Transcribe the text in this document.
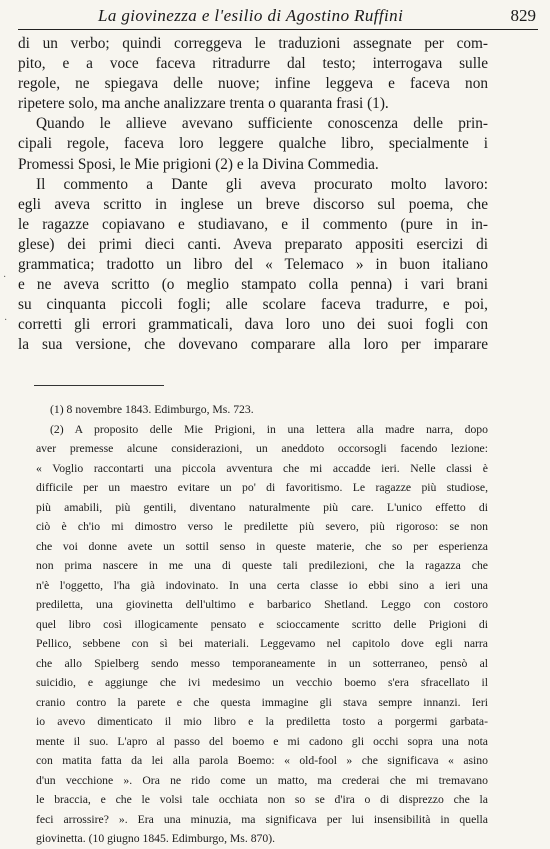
La giovinezza e l'esilio di Agostino Ruffini	829
di un verbo; quindi correggeva le traduzioni assegnate per com-
pito, e a voce faceva ritradurre dal testo; interrogava sulle
regole, ne spiegava delle nuove; infine leggeva e faceva non
ripetere solo, ma anche analizzare trenta o quaranta frasi (1).
Quando le allieve avevano sufficiente conoscenza delle prin-
cipali regole, faceva loro leggere qualche libro, specialmente i
Promessi Sposi, le Mie prigioni (2) e la Divina Commedia.
Il commento a Dante gli aveva procurato molto lavoro:
egli aveva scritto in inglese un breve discorso sul poema, che
le ragazze copiavano e studiavano, e il commento (pure in in-
glese) dei primi dieci canti. Aveva preparato appositi esercizi di
grammatica; tradotto un libro del « Telemaco » in buon italiano
e ne aveva scritto (o meglio stampato colla penna) i vari brani
su cinquanta piccoli fogli; alle scolare faceva tradurre, e poi,
corretti gli errori grammaticali, dava loro uno dei suoi fogli con
la sua versione, che dovevano comparare alla loro per imparare
(1) 8 novembre 1843. Edimburgo, Ms. 723.
(2) A proposito delle Mie Prigioni, in una lettera alla madre narra, dopo
aver premesse alcune considerazioni, un aneddoto occorsogli facendo lezione:
« Voglio raccontarti una piccola avventura che mi accadde ieri. Nelle classi è
difficile per un maestro evitare un po' di favoritismo. Le ragazze più studiose,
più amabili, più gentili, diventano naturalmente più care. L'unico effetto di
ciò è ch'io mi dimostro verso le predilette più severo, più rigoroso: se non
che voi donne avete un sottil senso in queste materie, che so per esperienza
non prima nascere in me una di queste tali predilezioni, che la ragazza che
n'è l'oggetto, l'ha già indovinato. In una certa classe io ebbi sino a ieri una
prediletta, una giovinetta dell'ultimo e barbarico Shetland. Leggo con costoro
quel libro così illogicamente pensato e scioccamente scritto delle Prigioni di
Pellico, sebbene con sì bei materiali. Leggevamo nel capitolo dove egli narra
che allo Spielberg sendo messo temporaneamente in un sotterraneo, pensò al
suicidio, e aggiunge che ivi medesimo un vecchio boemo s'era sfracellato il
cranio contro la parete e che questa immagine gli stava sempre innanzi. Ieri
io avevo dimenticato il mio libro e la prediletta tosto a porgermi garbata-
mente il suo. L'apro al passo del boemo e mi cadono gli occhi sopra una nota
con matita fatta da lei alla parola Boemo: « old-fool » che significava « asino
d'un vecchione ». Ora ne rido come un matto, ma crederai che mi tremavano
le braccia, e che le volsi tale occhiata non so se d'ira o di disprezzo che la
feci arrossire? ». Era una minuzia, ma significava per lui insensibilità in quella
giovinetta. (10 giugno 1845. Edimburgo, Ms. 870).
·
·
